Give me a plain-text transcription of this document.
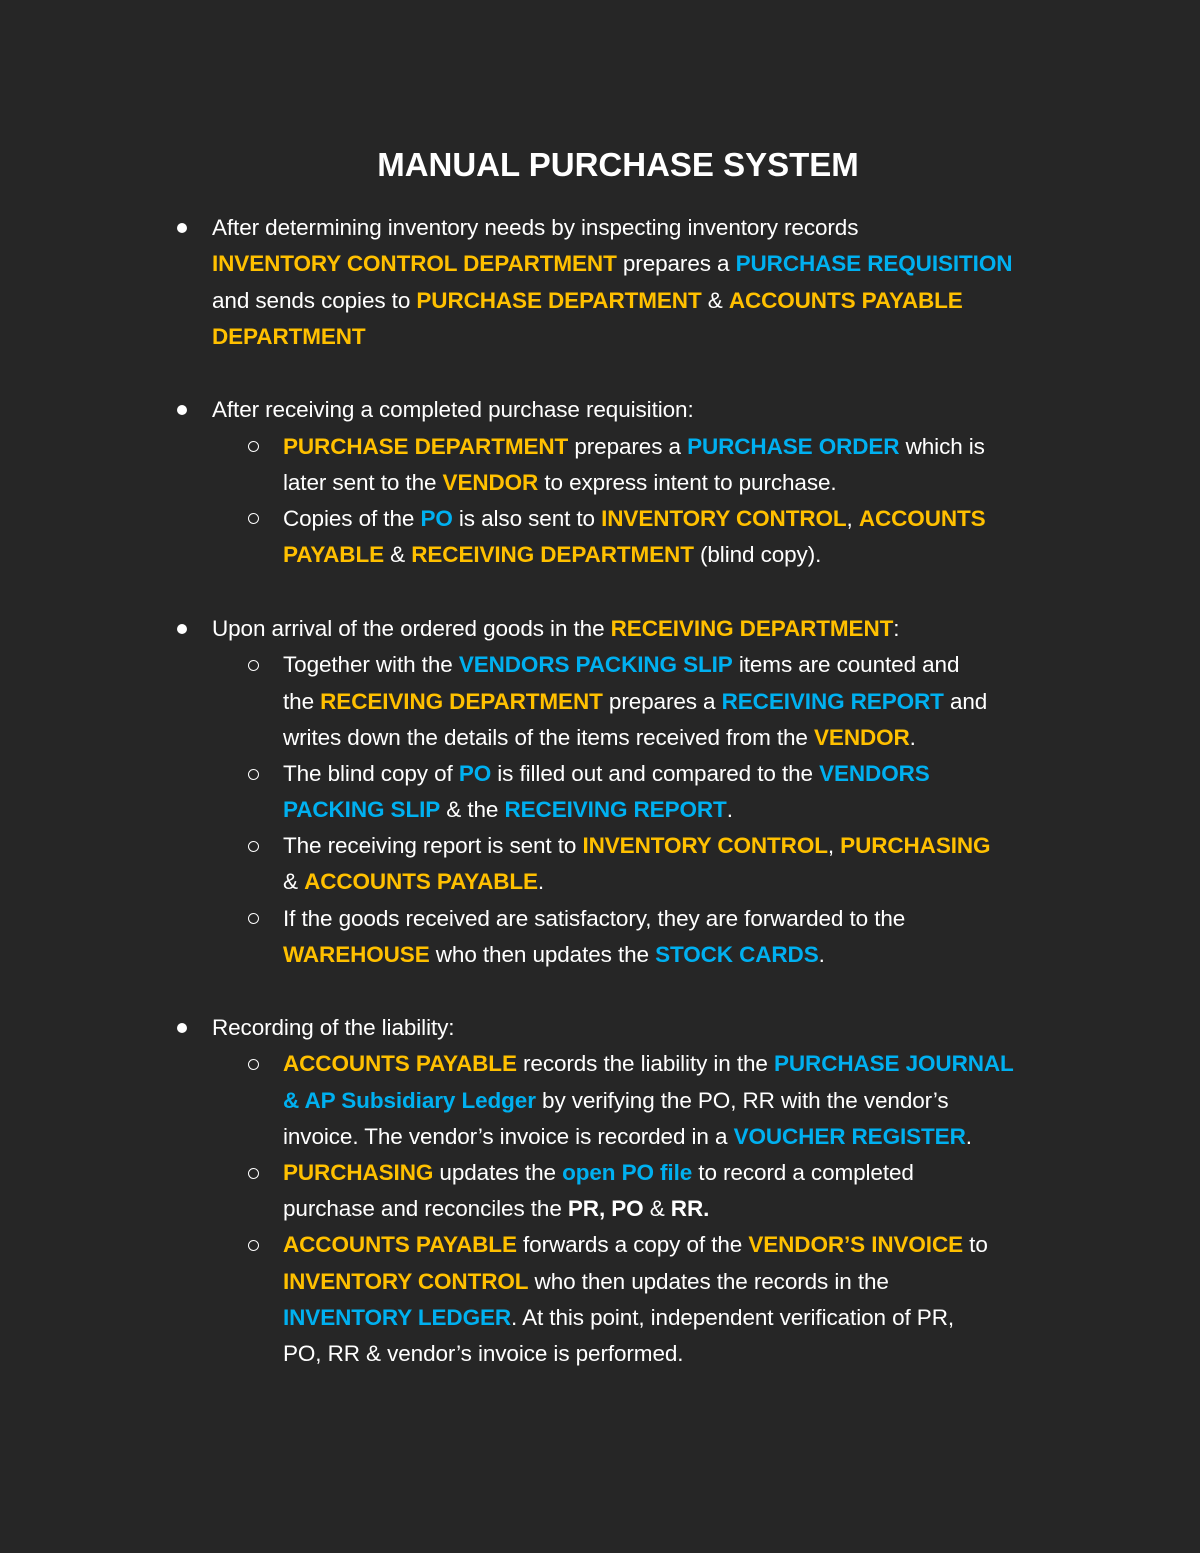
MANUAL PURCHASE SYSTEM
After determining inventory needs by inspecting inventory records
INVENTORY CONTROL DEPARTMENT prepares a PURCHASE REQUISITION
and sends copies to PURCHASE DEPARTMENT & ACCOUNTS PAYABLE
DEPARTMENT
After receiving a completed purchase requisition:
PURCHASE DEPARTMENT prepares a PURCHASE ORDER which is
later sent to the VENDOR to express intent to purchase.
Copies of the PO is also sent to INVENTORY CONTROL, ACCOUNTS
PAYABLE & RECEIVING DEPARTMENT (blind copy).
Upon arrival of the ordered goods in the RECEIVING DEPARTMENT:
Together with the VENDORS PACKING SLIP items are counted and
the RECEIVING DEPARTMENT prepares a RECEIVING REPORT and
writes down the details of the items received from the VENDOR.
The blind copy of PO is filled out and compared to the VENDORS
PACKING SLIP & the RECEIVING REPORT.
The receiving report is sent to INVENTORY CONTROL, PURCHASING
& ACCOUNTS PAYABLE.
If the goods received are satisfactory, they are forwarded to the
WAREHOUSE who then updates the STOCK CARDS.
Recording of the liability:
ACCOUNTS PAYABLE records the liability in the PURCHASE JOURNAL
& AP Subsidiary Ledger by verifying the PO, RR with the vendor’s
invoice. The vendor’s invoice is recorded in a VOUCHER REGISTER.
PURCHASING updates the open PO file to record a completed
purchase and reconciles the PR, PO & RR.
ACCOUNTS PAYABLE forwards a copy of the VENDOR’S INVOICE to
INVENTORY CONTROL who then updates the records in the
INVENTORY LEDGER. At this point, independent verification of PR,
PO, RR & vendor’s invoice is performed.
